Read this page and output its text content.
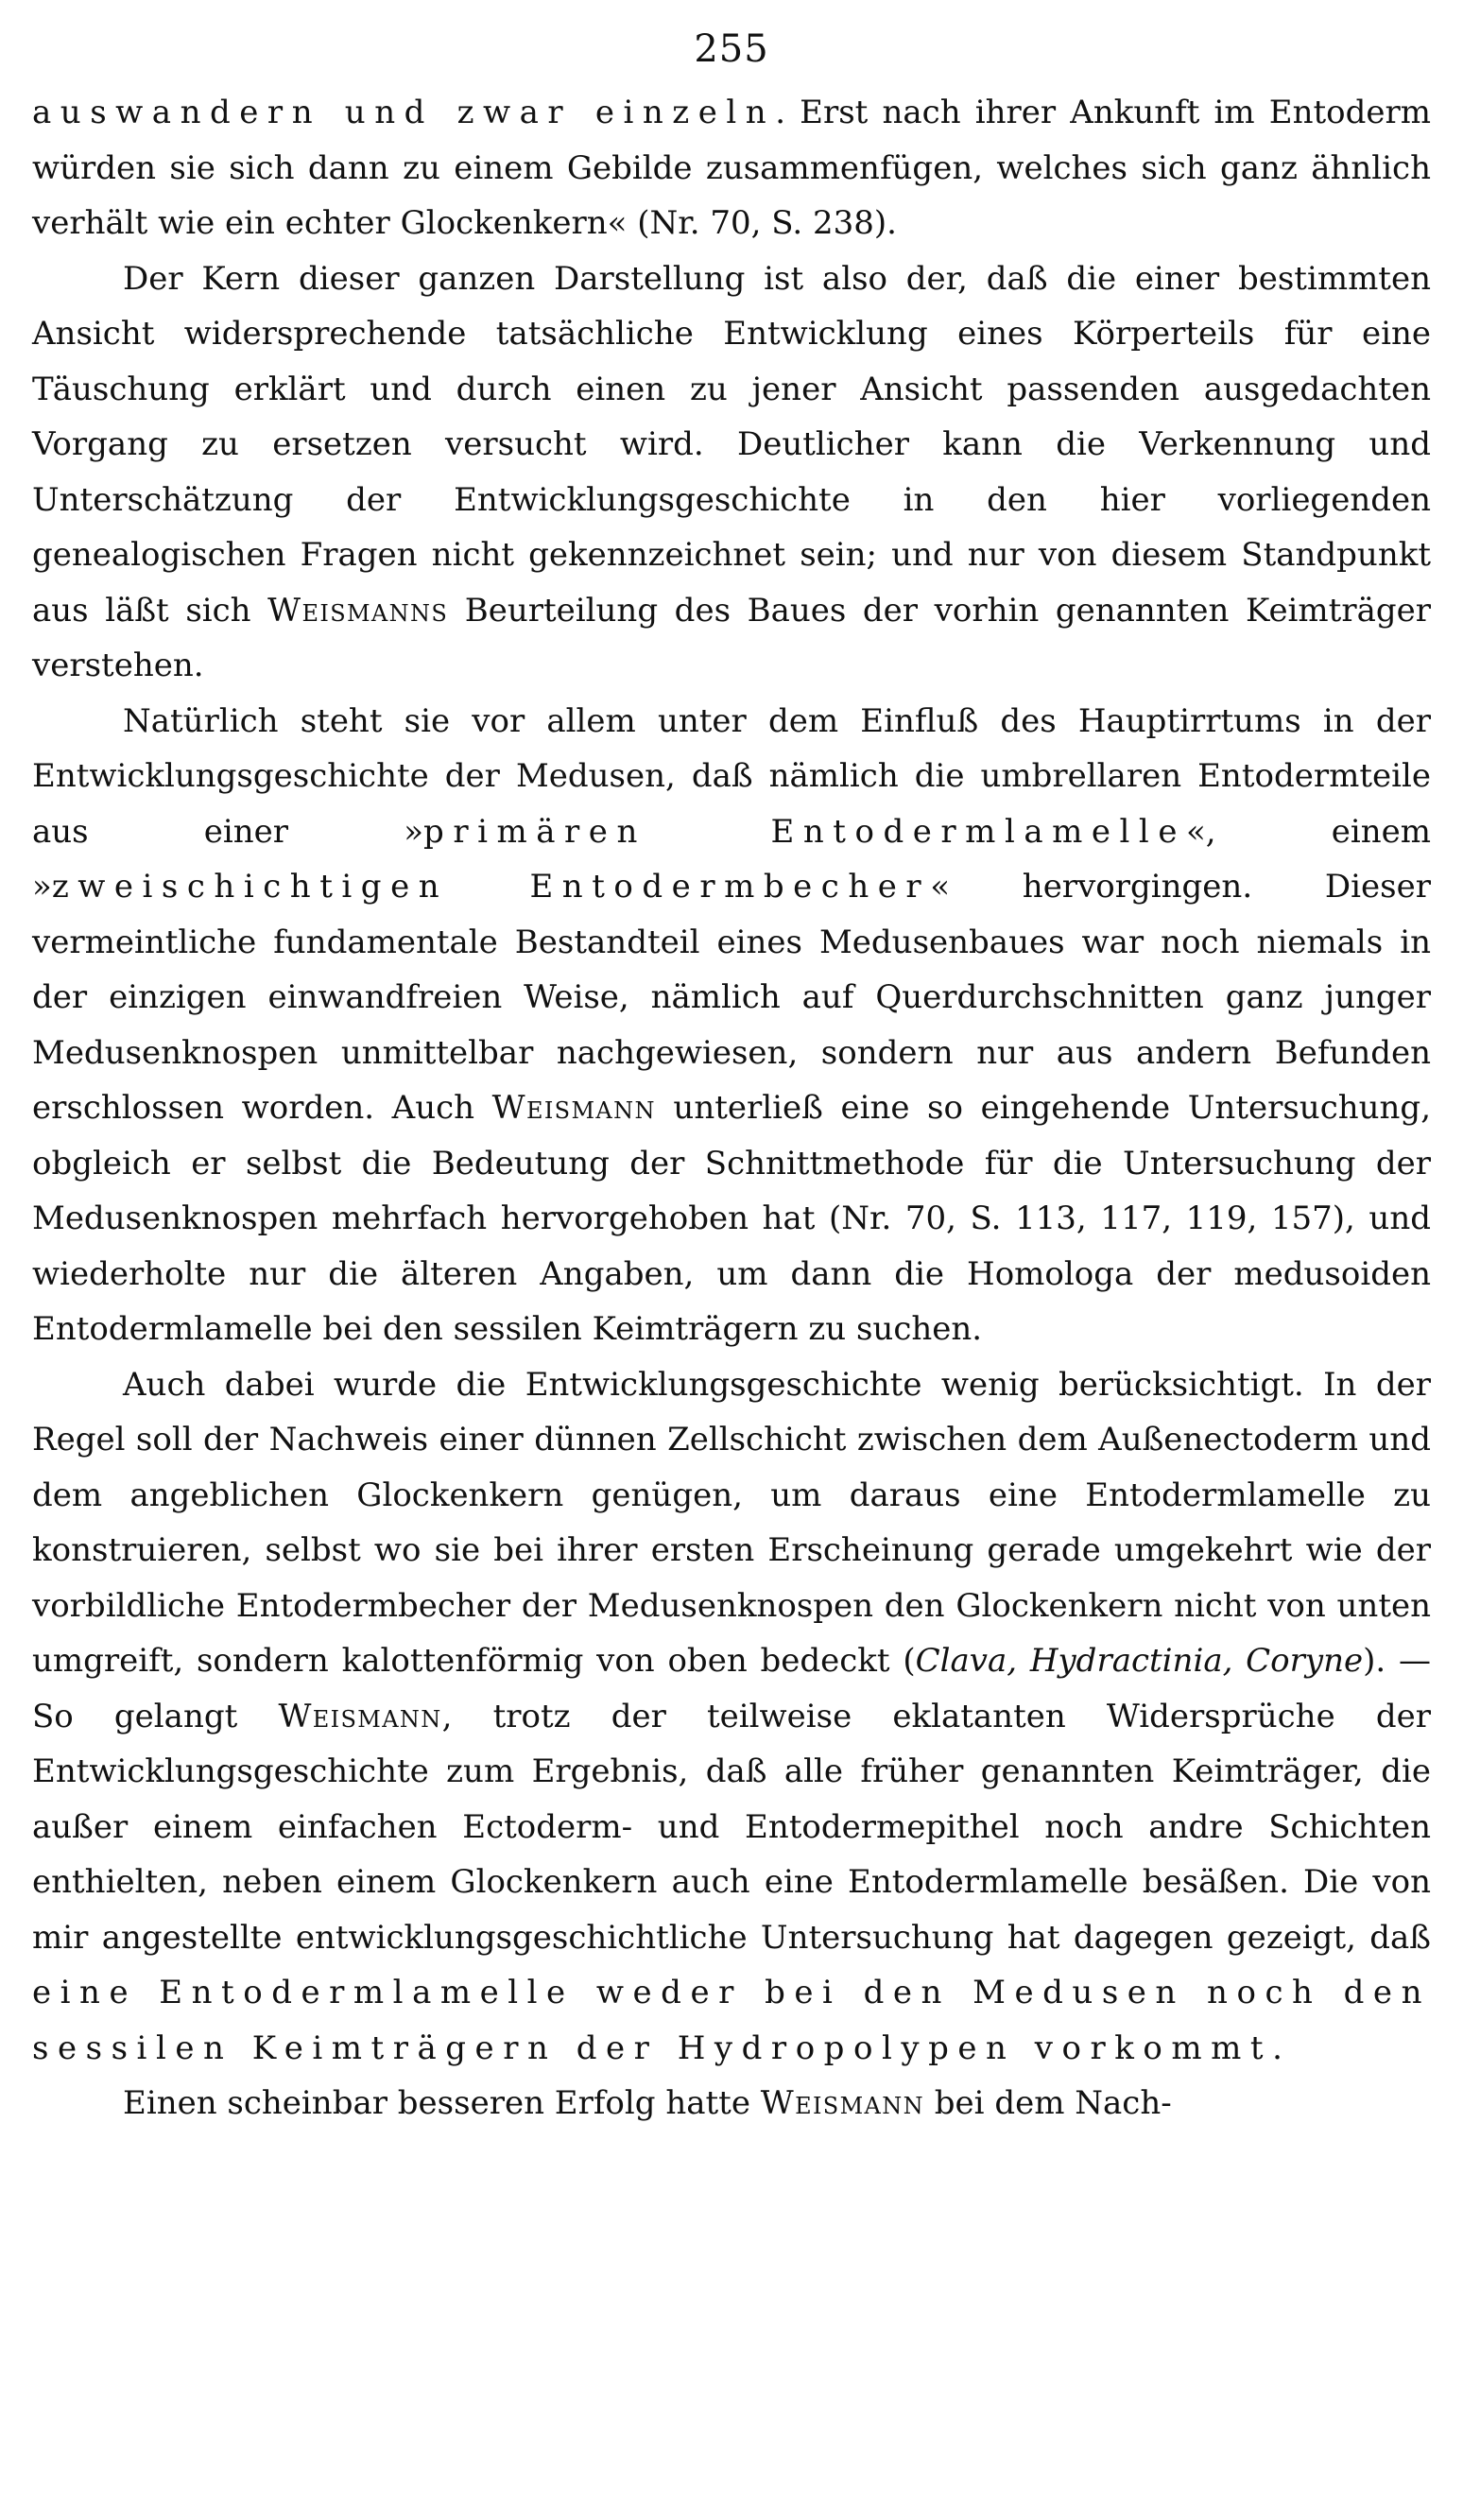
255

auswandern und zwar einzeln. Erst nach ihrer Ankunft im Entoderm würden sie sich dann zu einem Gebilde zusammenfügen, welches sich ganz ähnlich verhält wie ein echter Glockenkern« (Nr. 70, S. 238).

Der Kern dieser ganzen Darstellung ist also der, daß die einer bestimmten Ansicht widersprechende tatsächliche Entwicklung eines Körperteils für eine Täuschung erklärt und durch einen zu jener Ansicht passenden ausgedachten Vorgang zu ersetzen versucht wird. Deutlicher kann die Verkennung und Unterschätzung der Entwicklungsgeschichte in den hier vorliegenden genealogischen Fragen nicht gekennzeichnet sein; und nur von diesem Standpunkt aus läßt sich Weismanns Beurteilung des Baues der vorhin genannten Keimträger verstehen.

Natürlich steht sie vor allem unter dem Einfluß des Hauptirrtums in der Entwicklungsgeschichte der Medusen, daß nämlich die umbrellaren Entodermteile aus einer »primären Entodermlamelle«, einem »zweischichtigen Entodermbecher« hervorgingen. Dieser vermeintliche fundamentale Bestandteil eines Medusenbaues war noch niemals in der einzigen einwandfreien Weise, nämlich auf Querdurchschnitten ganz junger Medusenknospen unmittelbar nachgewiesen, sondern nur aus andern Befunden erschlossen worden. Auch Weismann unterließ eine so eingehende Untersuchung, obgleich er selbst die Bedeutung der Schnittmethode für die Untersuchung der Medusenknospen mehrfach hervorgehoben hat (Nr. 70, S. 113, 117, 119, 157), und wiederholte nur die älteren Angaben, um dann die Homologa der medusoiden Entodermlamelle bei den sessilen Keimträgern zu suchen.

Auch dabei wurde die Entwicklungsgeschichte wenig berücksichtigt. In der Regel soll der Nachweis einer dünnen Zellschicht zwischen dem Außenectoderm und dem angeblichen Glockenkern genügen, um daraus eine Entodermlamelle zu konstruieren, selbst wo sie bei ihrer ersten Erscheinung gerade umgekehrt wie der vorbildliche Entodermbecher der Medusenknospen den Glockenkern nicht von unten umgreift, sondern kalottenförmig von oben bedeckt (Clava, Hydractinia, Coryne). — So gelangt Weismann, trotz der teilweise eklatanten Widersprüche der Entwicklungsgeschichte zum Ergebnis, daß alle früher genannten Keimträger, die außer einem einfachen Ectoderm- und Entodermepithel noch andre Schichten enthielten, neben einem Glockenkern auch eine Entodermlamelle besäßen. Die von mir angestellte entwicklungsgeschichtliche Untersuchung hat dagegen gezeigt, daß eine Entodermlamelle weder bei den Medusen noch den sessilen Keimträgern der Hydropolypen vorkommt.

Einen scheinbar besseren Erfolg hatte Weismann bei dem Nach-
